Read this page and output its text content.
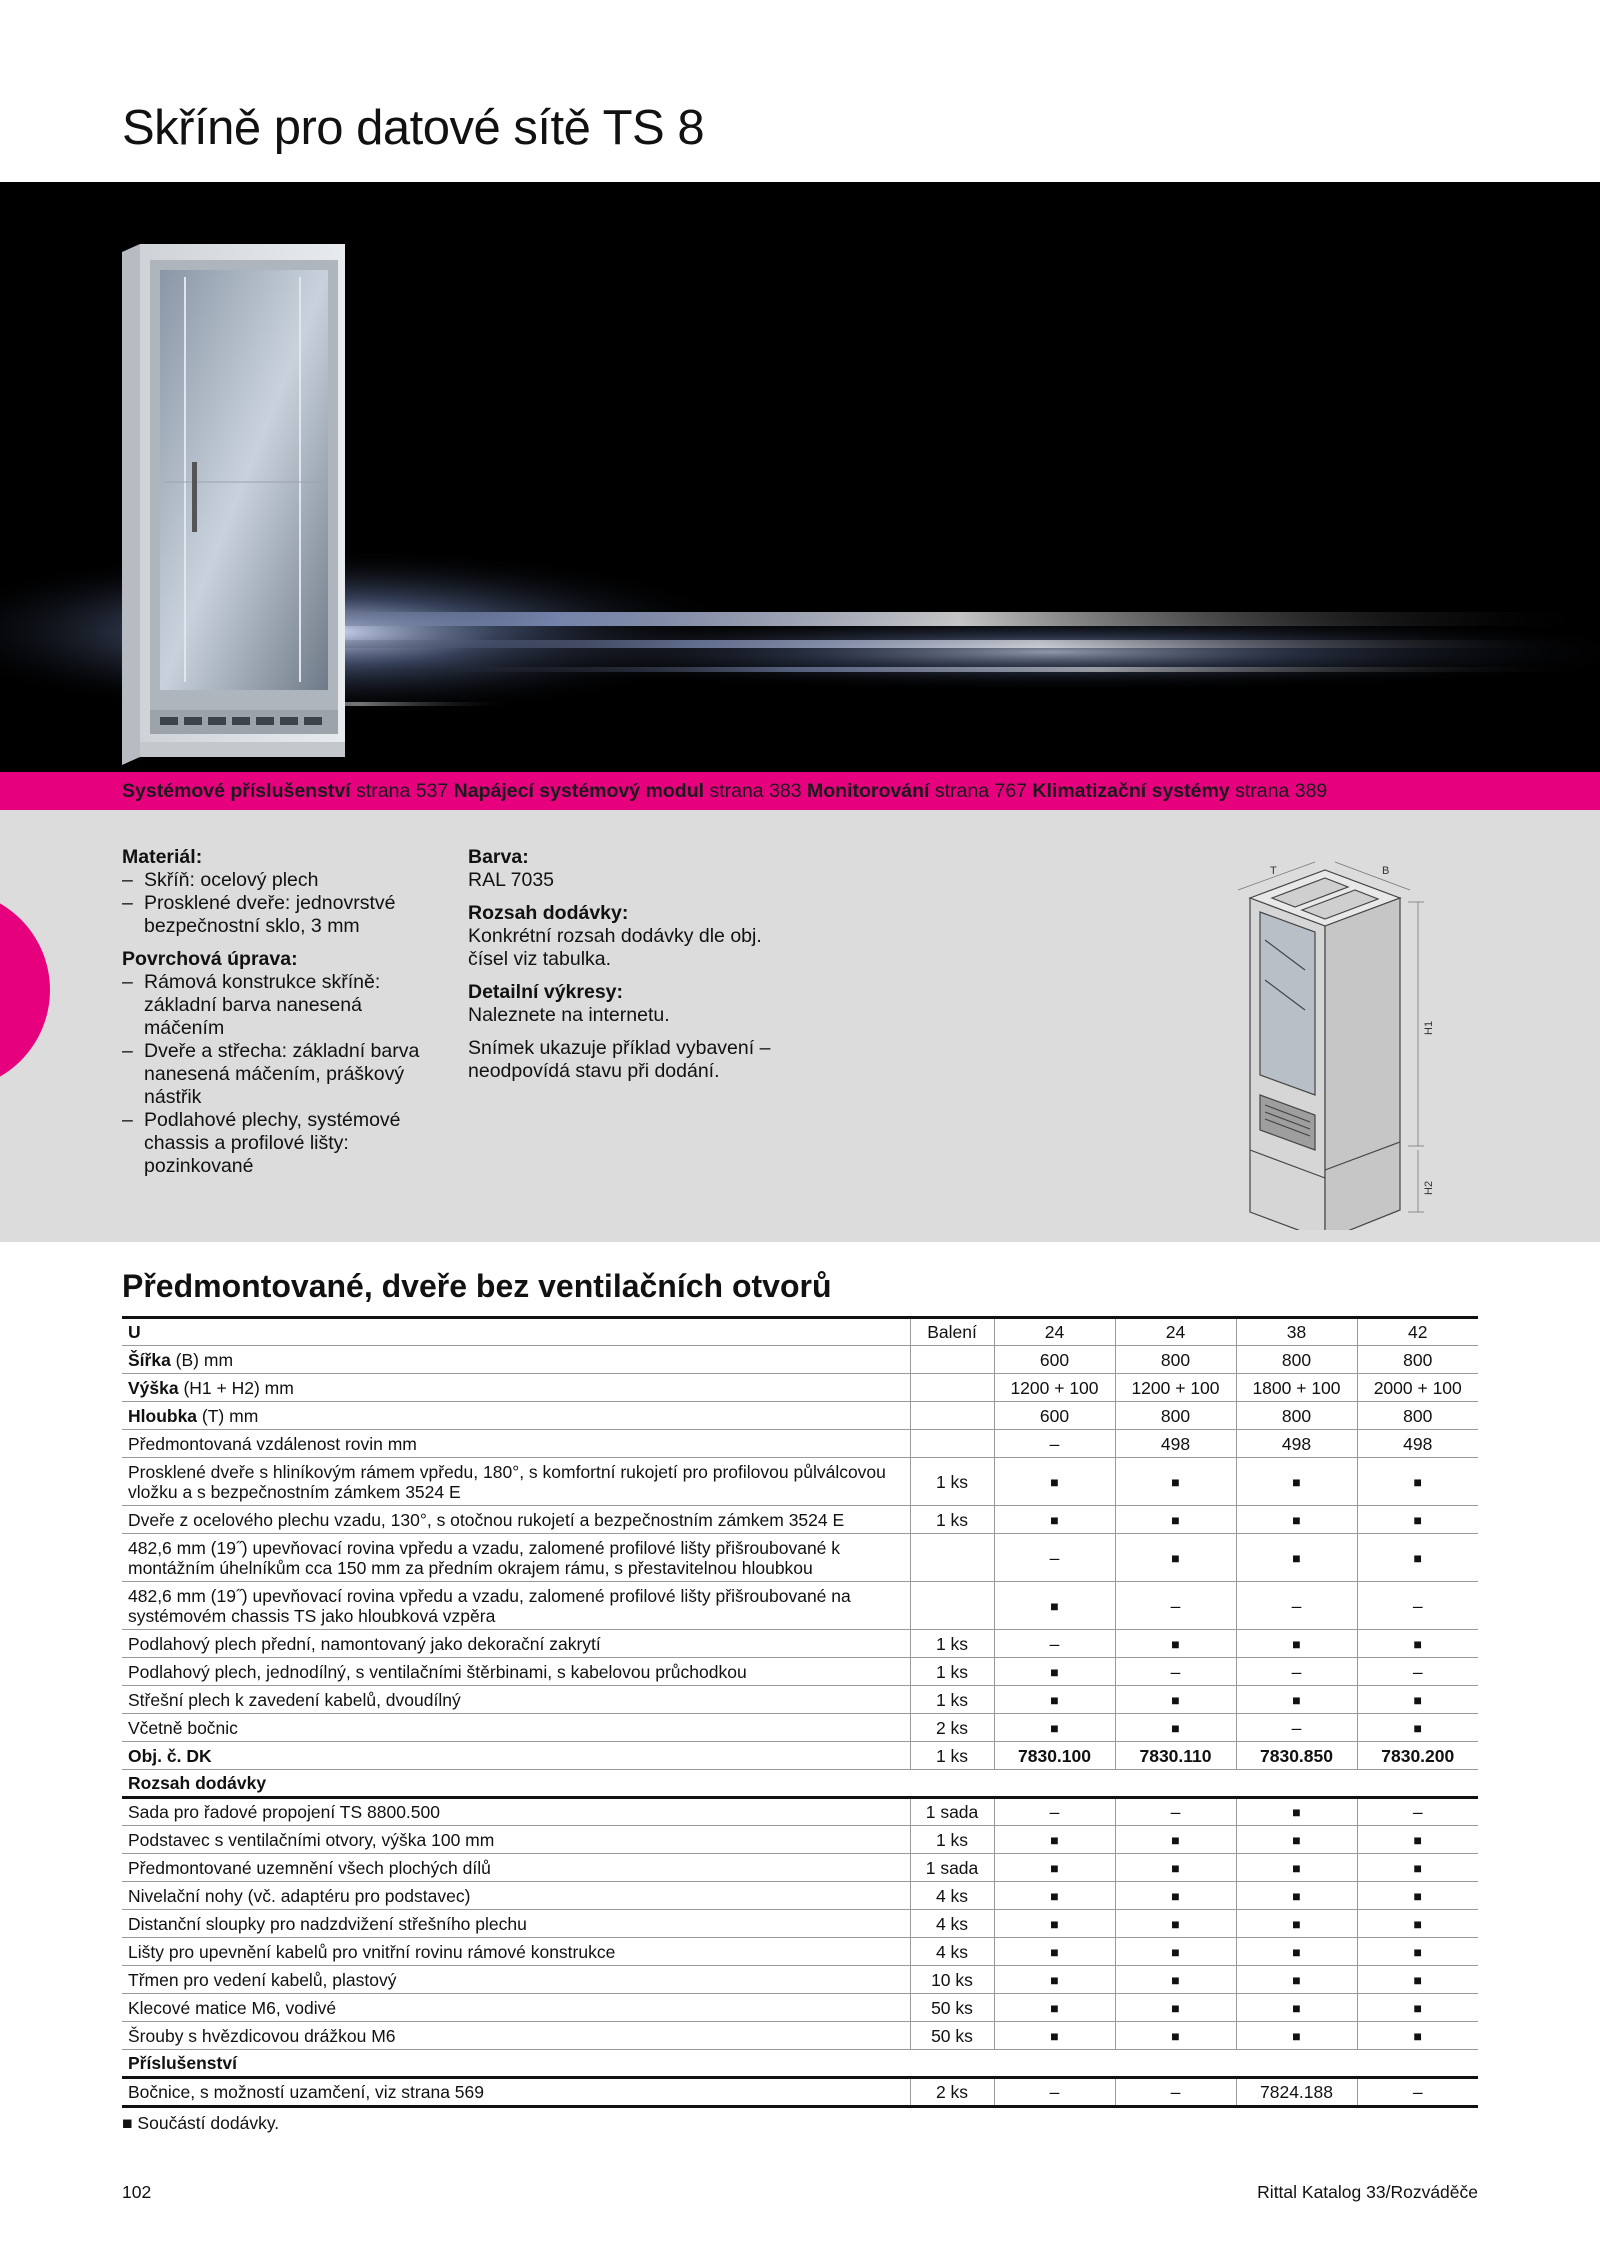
Skříně pro datové sítě TS 8
Systémové příslušenství strana 537 Napájecí systémový modul strana 383 Monitorování strana 767 Klimatizační systémy strana 389
Materiál:
– Skříň: ocelový plech
– Prosklené dveře: jednovrstvé bezpečnostní sklo, 3 mm
Povrchová úprava:
– Rámová konstrukce skříně: základní barva nanesená máčením
– Dveře a střecha: základní barva nanesená máčením, práškový nástřik
– Podlahové plechy, systémové chassis a profilové lišty: pozinkované
Barva:
RAL 7035
Rozsah dodávky:
Konkrétní rozsah dodávky dle obj. čísel viz tabulka.
Detailní výkresy:
Naleznete na internetu.
Snímek ukazuje příklad vybavení – neodpovídá stavu při dodání.
T	B
H1
H2
Předmontované, dveře bez ventilačních otvorů
U	Balení	24	24	38	42
Šířka (B) mm		600	800	800	800
Výška (H1 + H2) mm		1200 + 100	1200 + 100	1800 + 100	2000 + 100
Hloubka (T) mm		600	800	800	800
Předmontovaná vzdálenost rovin mm		–	498	498	498
Prosklené dveře s hliníkovým rámem vpředu, 180°, s komfortní rukojetí pro profilovou půlválcovou vložku a s bezpečnostním zámkem 3524 E	1 ks	■	■	■	■
Dveře z ocelového plechu vzadu, 130°, s otočnou rukojetí a bezpečnostním zámkem 3524 E	1 ks	■	■	■	■
482,6 mm (19˝) upevňovací rovina vpředu a vzadu, zalomené profilové lišty přišroubované k montážním úhelníkům cca 150 mm za předním okrajem rámu, s přestavitelnou hloubkou		–	■	■	■
482,6 mm (19˝) upevňovací rovina vpředu a vzadu, zalomené profilové lišty přišroubované na systémovém chassis TS jako hloubková vzpěra		■	–	–	–
Podlahový plech přední, namontovaný jako dekorační zakrytí	1 ks	–	■	■	■
Podlahový plech, jednodílný, s ventilačními štěrbinami, s kabelovou průchodkou	1 ks	■	–	–	–
Střešní plech k zavedení kabelů, dvoudílný	1 ks	■	■	■	■
Včetně bočnic	2 ks	■	■	–	■
Obj. č. DK	1 ks	7830.100	7830.110	7830.850	7830.200
Rozsah dodávky					
Sada pro řadové propojení TS 8800.500	1 sada	–	–	■	–
Podstavec s ventilačními otvory, výška 100 mm	1 ks	■	■	■	■
Předmontované uzemnění všech plochých dílů	1 sada	■	■	■	■
Nivelační nohy (vč. adaptéru pro podstavec)	4 ks	■	■	■	■
Distanční sloupky pro nadzdvižení střešního plechu	4 ks	■	■	■	■
Lišty pro upevnění kabelů pro vnitřní rovinu rámové konstrukce	4 ks	■	■	■	■
Třmen pro vedení kabelů, plastový	10 ks	■	■	■	■
Klecové matice M6, vodivé	50 ks	■	■	■	■
Šrouby s hvězdicovou drážkou M6	50 ks	■	■	■	■
Příslušenství					
Bočnice, s možností uzamčení, viz strana 569	2 ks	–	–	7824.188	–
■ Součástí dodávky.
102	Rittal Katalog 33/Rozváděče
